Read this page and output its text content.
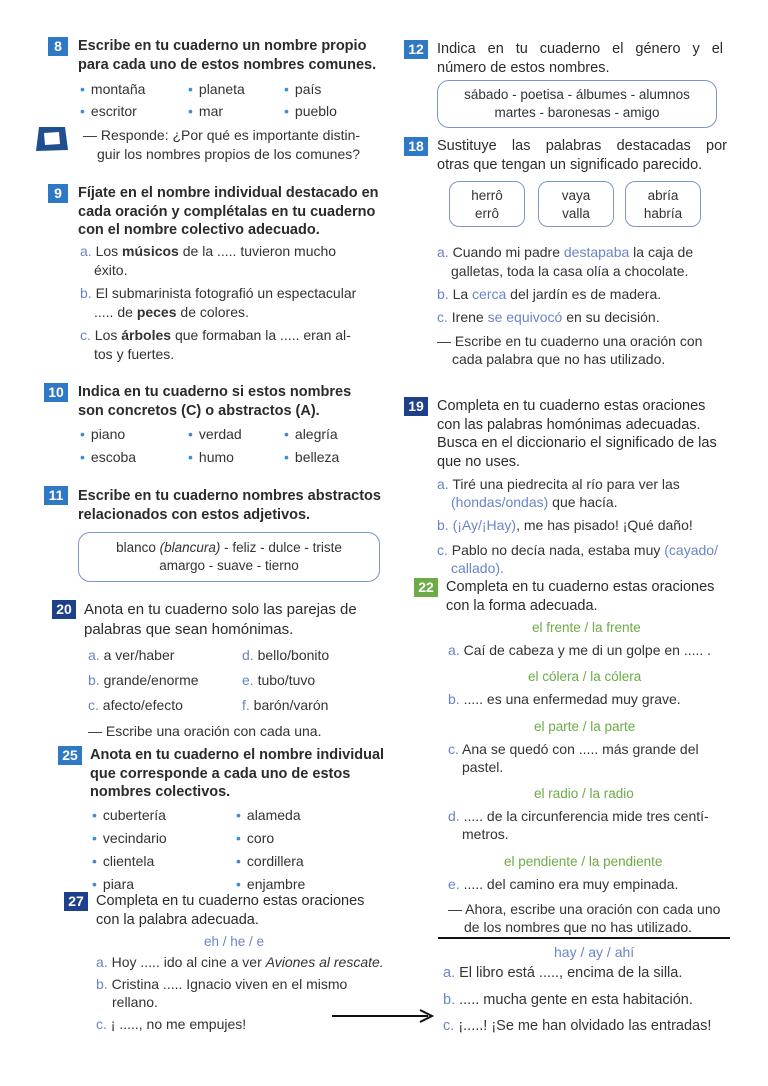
8	Escribe en tu cuaderno un nombre propio
para cada uno de estos nombres comunes.
• montaña	• planeta	• país
• escritor	• mar	• pueblo
— Responde: ¿Por qué es importante distin-
guir los nombres propios de los comunes?
9	Fíjate en el nombre individual destacado en
cada oración y complétalas en tu cuaderno
con el nombre colectivo adecuado.
a. Los músicos de la ..... tuvieron mucho
éxito.
b. El submarinista fotografió un espectacular
..... de peces de colores.
c. Los árboles que formaban la ..... eran al-
tos y fuertes.
10 Indica en tu cuaderno si estos nombres
son concretos (C) o abstractos (A).
• piano	• verdad	• alegría
• escoba	• humo	• belleza
11	Escribe en tu cuaderno nombres abstractos
relacionados con estos adjetivos.
blanco (blancura) - feliz - dulce - triste
amargo - suave - tierno
20 Anota en tu cuaderno solo las parejas de
palabras que sean homónimas.
a. a ver/haber	d. bello/bonito
b. grande/enorme	e. tubo/tuvo
c. afecto/efecto	f. barón/varón
— Escribe una oración con cada una.
25 Anota en tu cuaderno el nombre individual
que corresponde a cada uno de estos
nombres colectivos.
• cubertería	• alameda
• vecindario	• coro
• clientela	• cordillera
• piara	• enjambre
27 Completa en tu cuaderno estas oraciones
con la palabra adecuada.
eh / he / e
a. Hoy ..... ido al cine a ver Aviones al rescate.
b. Cristina ..... Ignacio viven en el mismo
rellano.
c. ¡ ....., no me empujes!
12 Indica en tu cuaderno el género y el
número de estos nombres.
sábado - poetisa - álbumes - alumnos
martes - baronesas - amigo
18 Sustituye las palabras destacadas por
otras que tengan un significado parecido.
herrô
errô
vaya
valla
abría
habría
a. Cuando mi padre destapaba la caja de
galletas, toda la casa olía a chocolate.
b. La cerca del jardín es de madera.
c. Irene se equivocó en su decisión.
— Escribe en tu cuaderno una oración con
cada palabra que no has utilizado.
19 Completa en tu cuaderno estas oraciones
con las palabras homónimas adecuadas.
Busca en el diccionario el significado de las
que no uses.
a. Tiré una piedrecita al río para ver las
(hondas/ondas) que hacía.
b. (¡Ay/¡Hay), me has pisado! ¡Qué daño!
c. Pablo no decía nada, estaba muy (cayado/
callado).
22 Completa en tu cuaderno estas oraciones
con la forma adecuada.
el frente / la frente
a. Caí de cabeza y me di un golpe en ..... .
el cólera / la cólera
b. ..... es una enfermedad muy grave.
el parte / la parte
c. Ana se quedó con ..... más grande del
pastel.
el radio / la radio
d. ..... de la circunferencia mide tres centí-
metros.
el pendiente / la pendiente
e. ..... del camino era muy empinada.
— Ahora, escribe una oración con cada uno
de los nombres que no has utilizado.
hay / ay / ahí
a. El libro está ....., encima de la silla.
b. ..... mucha gente en esta habitación.
c. ¡.....! ¡Se me han olvidado las entradas!
